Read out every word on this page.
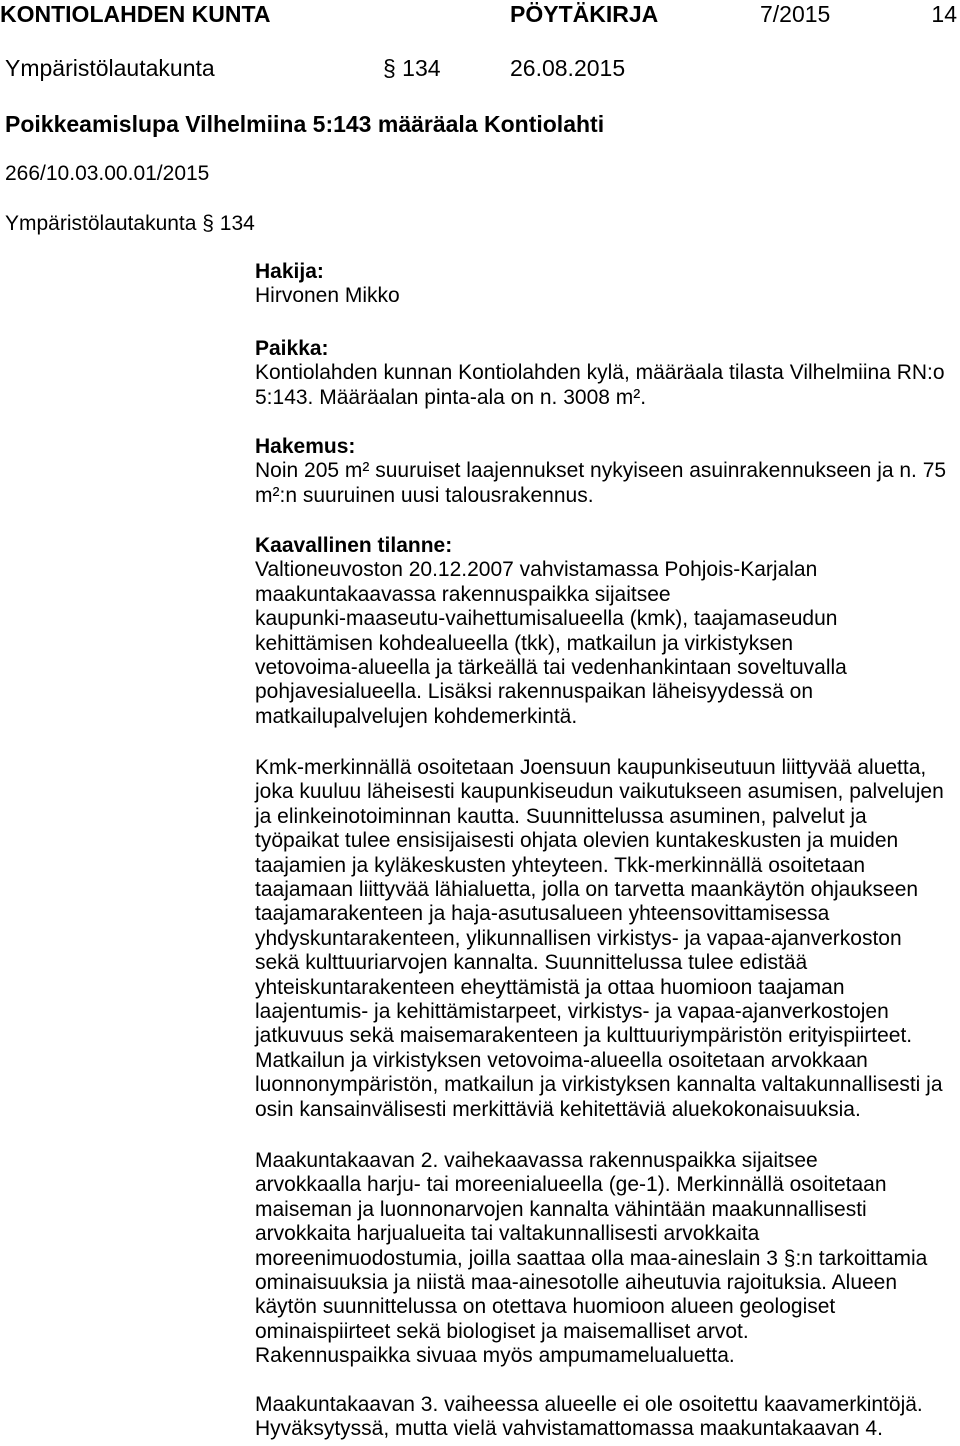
KONTIOLAHDEN KUNTA	PÖYTÄKIRJA	7/2015	14
Ympäristölautakunta	§ 134	26.08.2015
Poikkeamislupa Vilhelmiina 5:143 määräala Kontiolahti
266/10.03.00.01/2015
Ympäristölautakunta § 134
Hakija:
Hirvonen Mikko
Paikka:
Kontiolahden kunnan Kontiolahden kylä, määräala tilasta Vilhelmiina RN:o
5:143. Määräalan pinta-ala on n. 3008 m².
Hakemus:
Noin 205 m² suuruiset laajennukset nykyiseen asuinrakennukseen ja n. 75
m²:n suuruinen uusi talousrakennus.
Kaavallinen tilanne:
Valtioneuvoston 20.12.2007 vahvistamassa Pohjois-Karjalan
maakuntakaavassa rakennuspaikka sijaitsee
kaupunki-maaseutu-vaihettumisalueella (kmk), taajamaseudun
kehittämisen kohdealueella (tkk), matkailun ja virkistyksen
vetovoima-alueella ja tärkeällä tai vedenhankintaan soveltuvalla
pohjavesialueella. Lisäksi rakennuspaikan läheisyydessä on
matkailupalvelujen kohdemerkintä.
Kmk-merkinnällä osoitetaan Joensuun kaupunkiseutuun liittyvää aluetta,
joka kuuluu läheisesti kaupunkiseudun vaikutukseen asumisen, palvelujen
ja elinkeinotoiminnan kautta. Suunnittelussa asuminen, palvelut ja
työpaikat tulee ensisijaisesti ohjata olevien kuntakeskusten ja muiden
taajamien ja kyläkeskusten yhteyteen. Tkk-merkinnällä osoitetaan
taajamaan liittyvää lähialuetta, jolla on tarvetta maankäytön ohjaukseen
taajamarakenteen ja haja-asutusalueen yhteensovittamisessa
yhdyskuntarakenteen, ylikunnallisen virkistys- ja vapaa-ajanverkoston
sekä kulttuuriarvojen kannalta. Suunnittelussa tulee edistää
yhteiskuntarakenteen eheyttämistä ja ottaa huomioon taajaman
laajentumis- ja kehittämistarpeet, virkistys- ja vapaa-ajanverkostojen
jatkuvuus sekä maisemarakenteen ja kulttuuriympäristön erityispiirteet.
Matkailun ja virkistyksen vetovoima-alueella osoitetaan arvokkaan
luonnonympäristön, matkailun ja virkistyksen kannalta valtakunnallisesti ja
osin kansainvälisesti merkittäviä kehitettäviä aluekokonaisuuksia.
Maakuntakaavan 2. vaihekaavassa rakennuspaikka sijaitsee
arvokkaalla harju- tai moreenialueella (ge-1). Merkinnällä osoitetaan
maiseman ja luonnonarvojen kannalta vähintään maakunnallisesti
arvokkaita harjualueita tai valtakunnallisesti arvokkaita
moreenimuodostumia, joilla saattaa olla maa-aineslain 3 §:n tarkoittamia
ominaisuuksia ja niistä maa-ainesotolle aiheutuvia rajoituksia. Alueen
käytön suunnittelussa on otettava huomioon alueen geologiset
ominaispiirteet sekä biologiset ja maisemalliset arvot.
Rakennuspaikka sivuaa myös ampumamelualuetta.
Maakuntakaavan 3. vaiheessa alueelle ei ole osoitettu kaavamerkintöjä.
Hyväksytyssä, mutta vielä vahvistamattomassa maakuntakaavan 4.
